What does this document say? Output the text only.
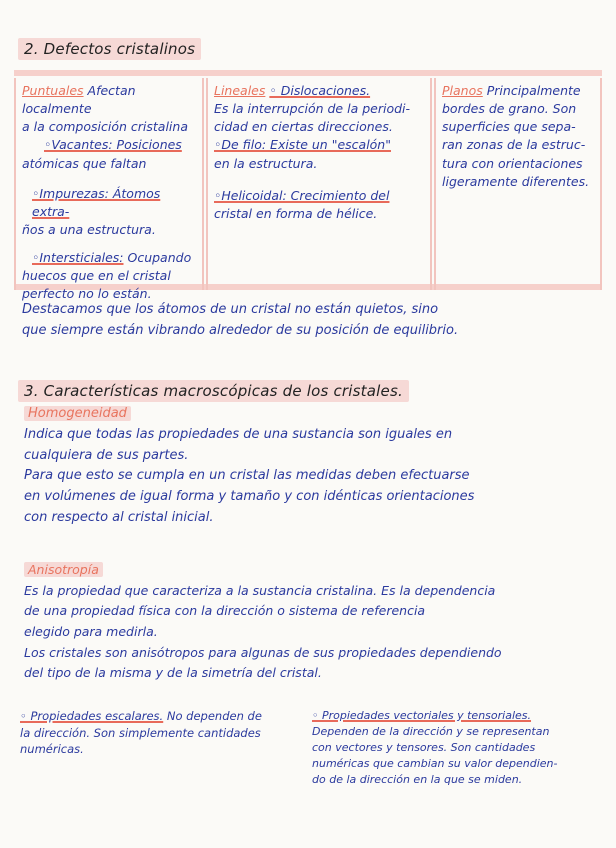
2. Defectos cristalinos

Puntuales Afectan localmente

a la composición cristalina

◦Vacantes: Posiciones

atómicas que faltan

◦Impurezas: Átomos extra-

ños a una estructura.

◦Intersticiales: Ocupando

huecos que en el cristal

perfecto no lo están.

Lineales ◦ Dislocaciones.

Es la interrupción de la periodi-

cidad en ciertas direcciones.

◦De filo: Existe un "escalón"

en la estructura.

◦Helicoidal: Crecimiento del

cristal en forma de hélice.

Planos Principalmente

bordes de grano. Son

superficies que sepa-

ran zonas de la estruc-

tura con orientaciones

ligeramente diferentes.

Destacamos que los átomos de un cristal no están quietos, sino

que siempre están vibrando alrededor de su posición de equilibrio.

3. Características macroscópicas de los cristales.

Homogeneidad

Indica que todas las propiedades de una sustancia son iguales en

cualquiera de sus partes.

Para que esto se cumpla en un cristal las medidas deben efectuarse

en volúmenes de igual forma y tamaño y con idénticas orientaciones

con respecto al cristal inicial.

Anisotropía

Es la propiedad que caracteriza a la sustancia cristalina. Es la dependencia

de una propiedad física con la dirección o sistema de referencia

elegido para medirla.

Los cristales son anisótropos para algunas de sus propiedades dependiendo

del tipo de la misma y de la simetría del cristal.

◦ Propiedades escalares. No dependen de

la dirección. Son simplemente cantidades

numéricas.

◦ Propiedades vectoriales y tensoriales.

Dependen de la dirección y se representan

con vectores y tensores. Son cantidades

numéricas que cambian su valor dependien-

do de la dirección en la que se miden.
